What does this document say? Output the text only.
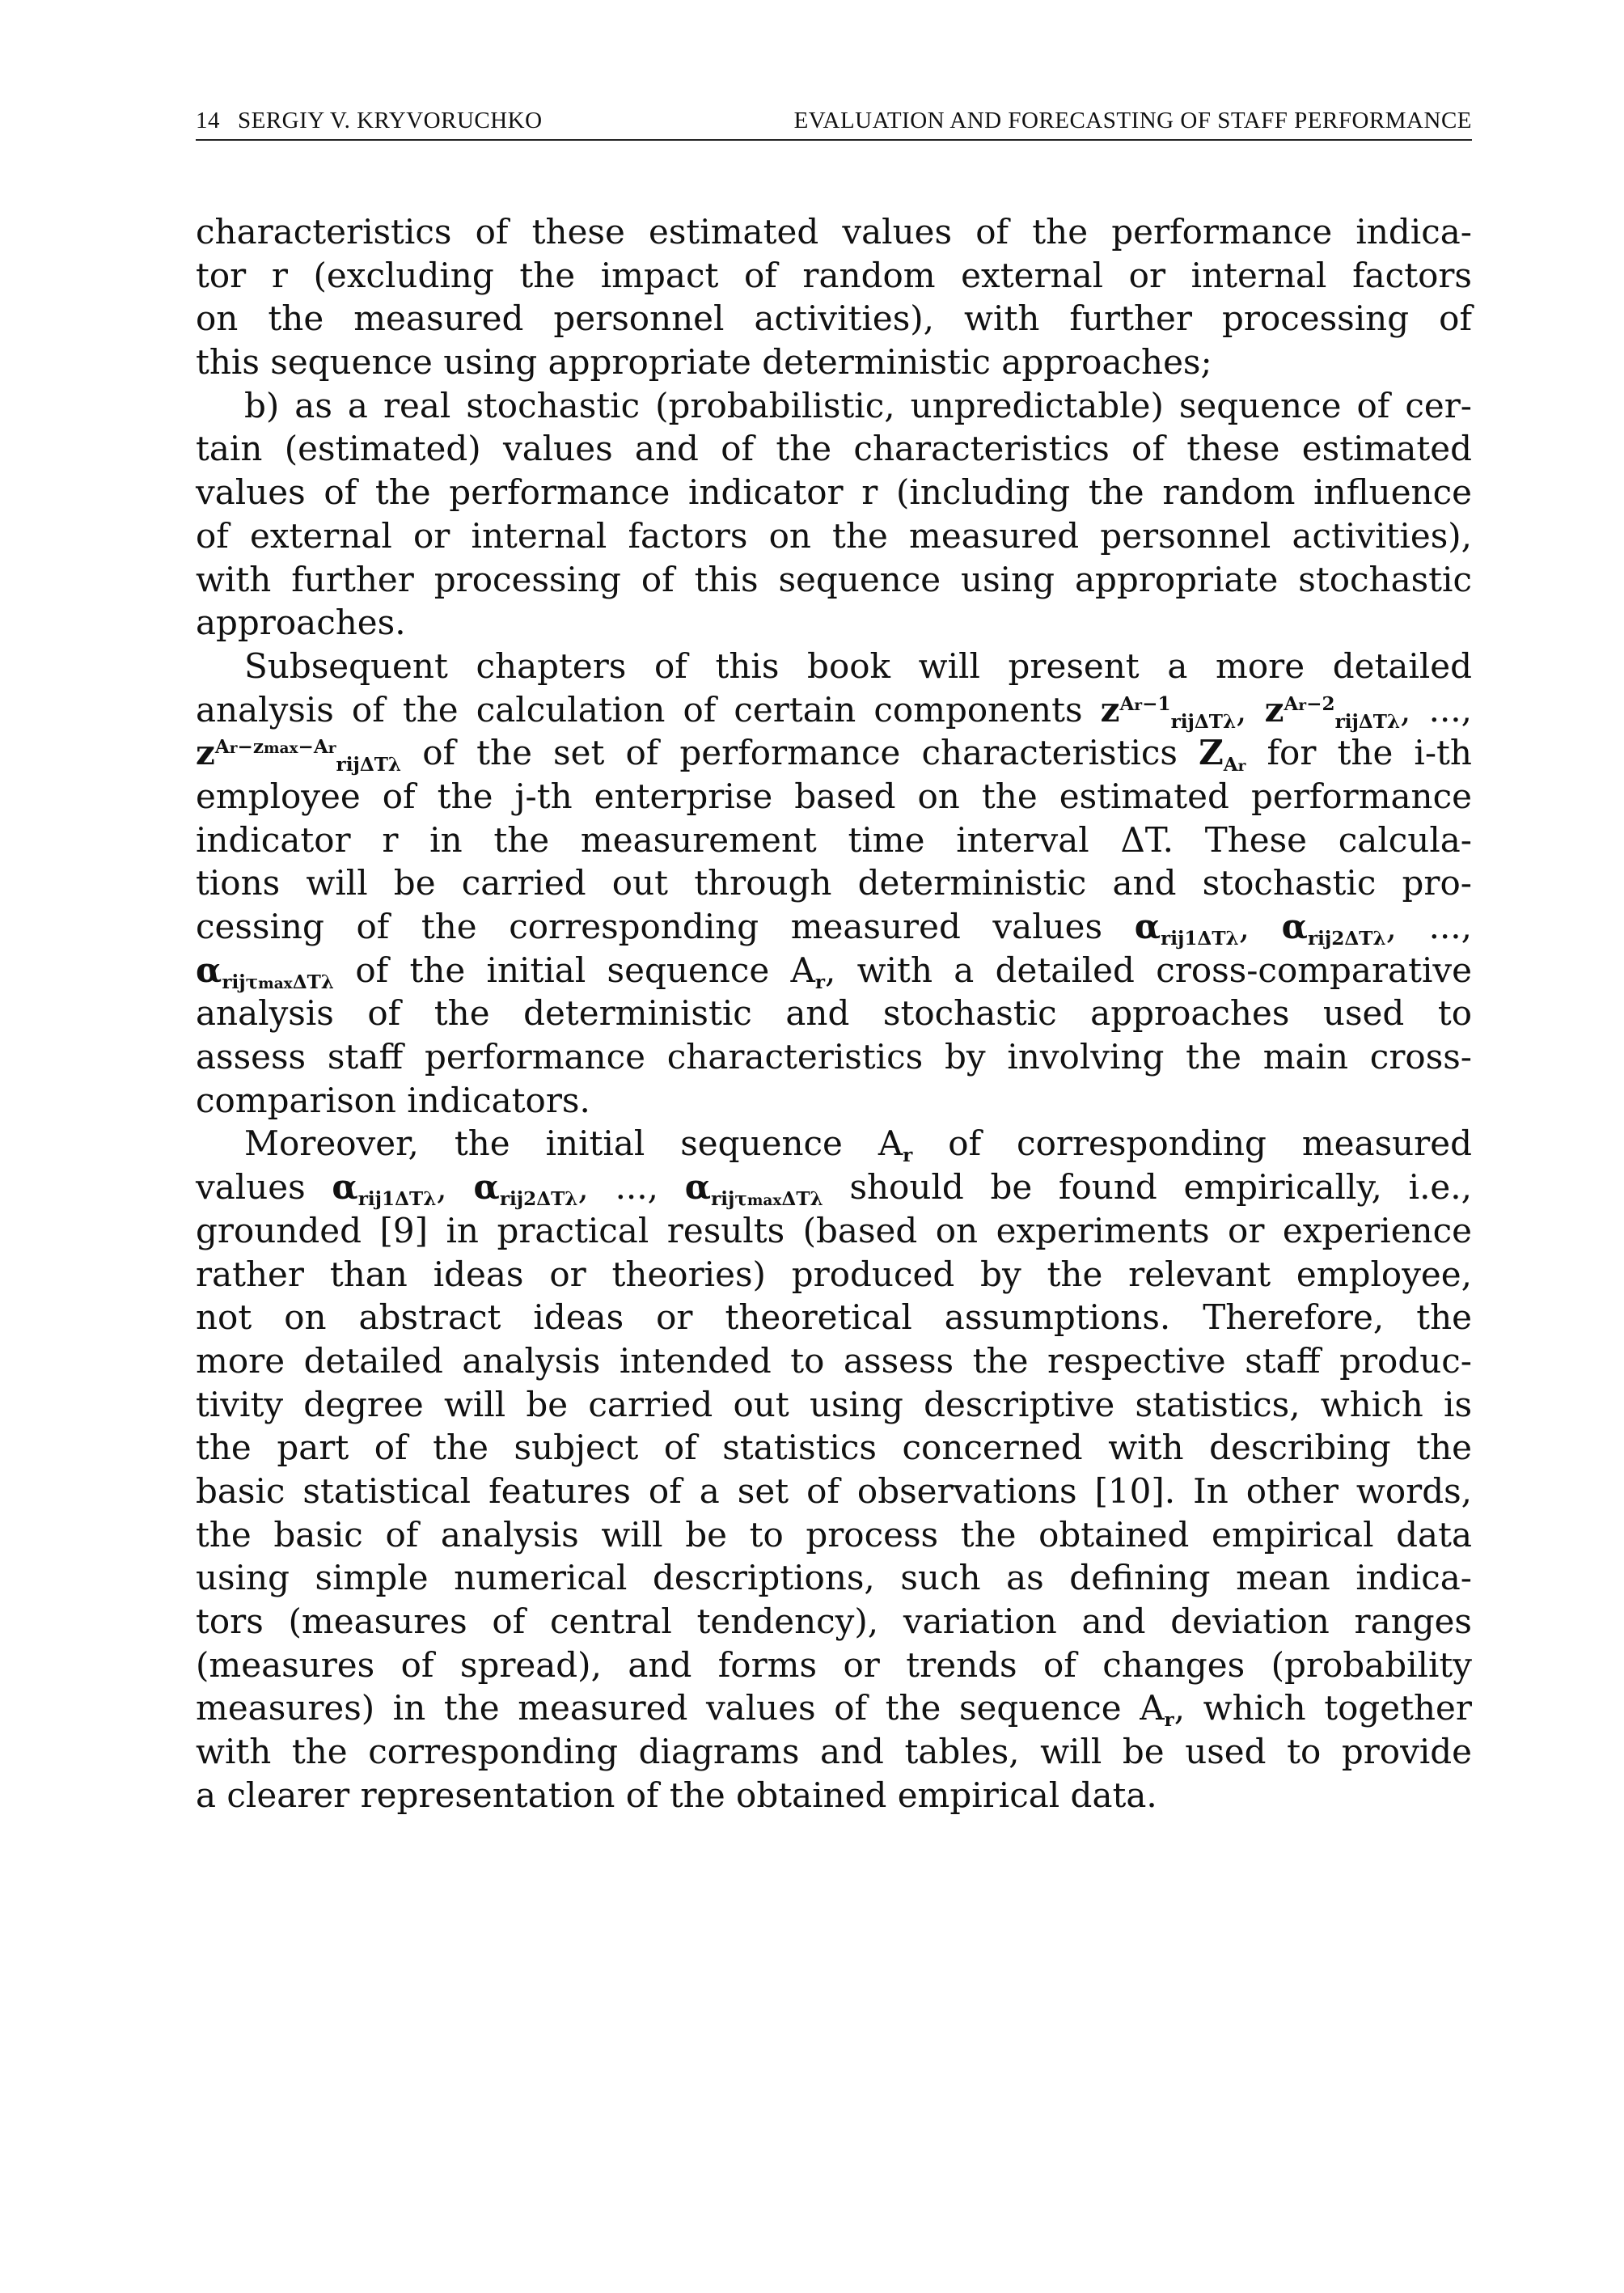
14 SERGIY V. KRYVORUCHKO	EVALUATION AND FORECASTING OF STAFF PERFORMANCE
characteristics of these estimated values of the performance indica-
tor r (excluding the impact of random external or internal factors
on the measured personnel activities), with further processing of
this sequence using appropriate deterministic approaches;
b) as a real stochastic (probabilistic, unpredictable) sequence of cer-
tain (estimated) values and of the characteristics of these estimated
values of the performance indicator r (including the random influence
of external or internal factors on the measured personnel activities),
with further processing of this sequence using appropriate stochastic
approaches.
Subsequent chapters of this book will present a more detailed
analysis of the calculation of certain components $z^{Ar-1}_{rij\Delta T\lambda}$, $z^{Ar-2}_{rij\Delta T\lambda}$, ...,
$z^{Ar-zmax-Ar}_{rij\Delta T\lambda}$ of the set of performance characteristics $Z_{Ar}$ for the i-th
employee of the j-th enterprise based on the estimated performance
indicator r in the measurement time interval ΔT. These calcula-
tions will be carried out through deterministic and stochastic pro-
cessing of the corresponding measured values $\alpha_{rij1\Delta T\lambda}$, $\alpha_{rij2\Delta T\lambda}$, ...,
$\alpha_{rij\tau max\Delta T\lambda}$ of the initial sequence $A_r$, with a detailed cross-comparative
analysis of the deterministic and stochastic approaches used to
assess staff performance characteristics by involving the main cross-
comparison indicators.
Moreover, the initial sequence $A_r$ of corresponding measured
values $\alpha_{rij1\Delta T\lambda}$, $\alpha_{rij2\Delta T\lambda}$, ..., $\alpha_{rij\tau max\Delta T\lambda}$ should be found empirically, i.e.,
grounded [9] in practical results (based on experiments or experience
rather than ideas or theories) produced by the relevant employee,
not on abstract ideas or theoretical assumptions. Therefore, the
more detailed analysis intended to assess the respective staff produc-
tivity degree will be carried out using descriptive statistics, which is
the part of the subject of statistics concerned with describing the
basic statistical features of a set of observations [10]. In other words,
the basic of analysis will be to process the obtained empirical data
using simple numerical descriptions, such as defining mean indica-
tors (measures of central tendency), variation and deviation ranges
(measures of spread), and forms or trends of changes (probability
measures) in the measured values of the sequence $A_r$, which together
with the corresponding diagrams and tables, will be used to provide
a clearer representation of the obtained empirical data.
